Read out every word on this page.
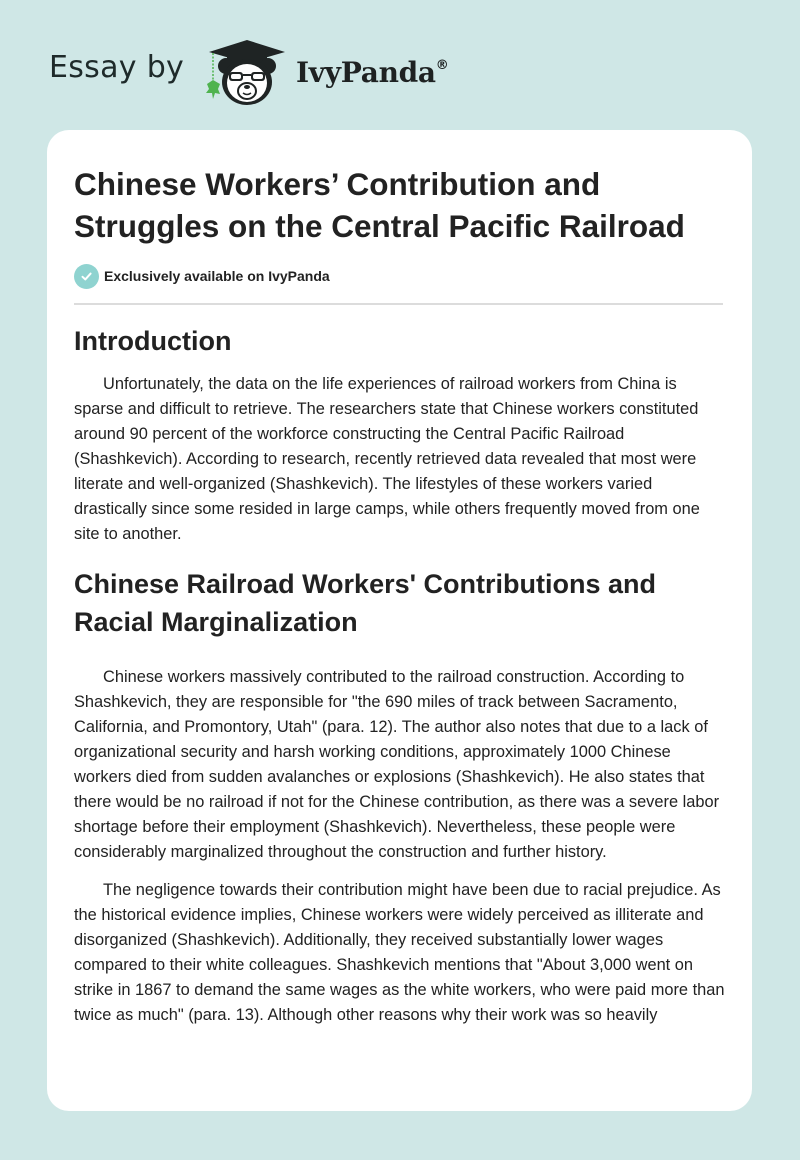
Essay by	IvyPanda®
Chinese Workers’ Contribution and Struggles on the Central Pacific Railroad
Exclusively available on IvyPanda
Introduction

Unfortunately, the data on the life experiences of railroad workers from China is sparse and difficult to retrieve. The researchers state that Chinese workers constituted around 90 percent of the workforce constructing the Central Pacific Railroad (Shashkevich). According to research, recently retrieved data revealed that most were literate and well-organized (Shashkevich). The lifestyles of these workers varied drastically since some resided in large camps, while others frequently moved from one site to another.

Chinese Railroad Workers' Contributions and Racial Marginalization

Chinese workers massively contributed to the railroad construction. According to Shashkevich, they are responsible for "the 690 miles of track between Sacramento, California, and Promontory, Utah" (para. 12). The author also notes that due to a lack of organizational security and harsh working conditions, approximately 1000 Chinese workers died from sudden avalanches or explosions (Shashkevich). He also states that there would be no railroad if not for the Chinese contribution, as there was a severe labor shortage before their employment (Shashkevich). Nevertheless, these people were considerably marginalized throughout the construction and further history.

The negligence towards their contribution might have been due to racial prejudice. As the historical evidence implies, Chinese workers were widely perceived as illiterate and disorganized (Shashkevich). Additionally, they received substantially lower wages compared to their white colleagues. Shashkevich mentions that "About 3,000 went on strike in 1867 to demand the same wages as the white workers, who were paid more than twice as much" (para. 13). Although other reasons why their work was so heavily
